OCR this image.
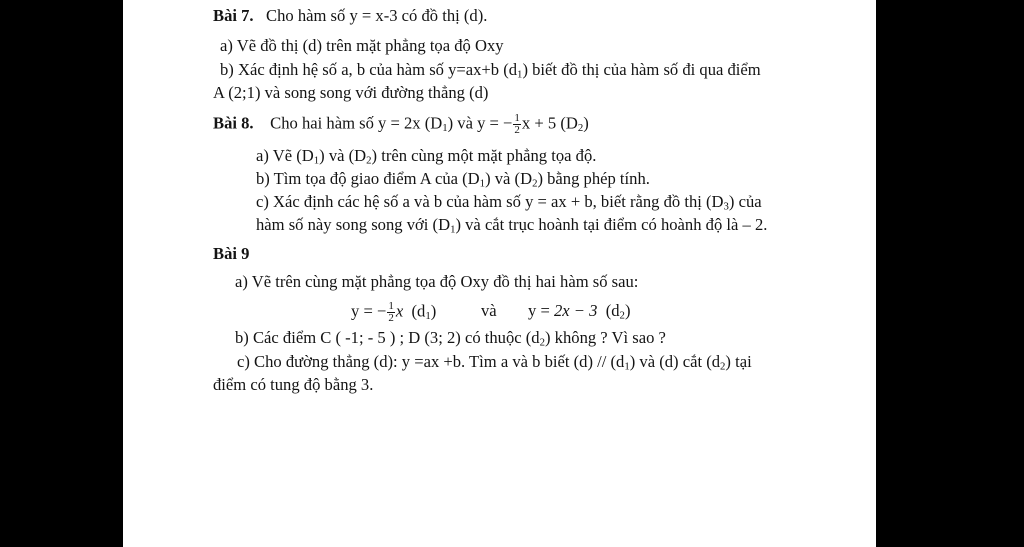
Bài 7. Cho hàm số y = x-3 có đồ thị (d).
a) Vẽ đồ thị (d) trên mặt phẳng tọa độ Oxy
b) Xác định hệ số a, b của hàm số y=ax+b $(d_1)$ biết đồ thị của hàm số đi qua điểm
A (2;1) và song song với đường thẳng (d)
Bài 8. Cho hai hàm số y = 2x $(D_1)$ và y = − $\frac{1}{2}$ x + 5 $(D_2)$
a) Vẽ $(D_1)$ và $(D_2)$ trên cùng một mặt phẳng tọa độ.
b) Tìm tọa độ giao điểm A của $(D_1)$ và $(D_2)$ bằng phép tính.
c) Xác định các hệ số a và b của hàm số y = ax + b, biết rằng đồ thị $(D_3)$ của
hàm số này song song với $(D_1)$ và cắt trục hoành tại điểm có hoành độ là – 2.
Bài 9
a) Vẽ trên cùng mặt phẳng tọa độ Oxy đồ thị hai hàm số sau:
y = − $\frac{1}{2}$ x $(d_1)$	và y = 2x − 3 $(d_2)$
b) Các điểm C ( -1; - 5 ) ; D (3; 2) có thuộc $(d_2)$ không ? Vì sao ?
c) Cho đường thẳng (d): y =ax +b. Tìm a và b biết $(d) // (d_1)$ và (d) cắt $(d_2)$ tại
điểm có tung độ bằng 3.
